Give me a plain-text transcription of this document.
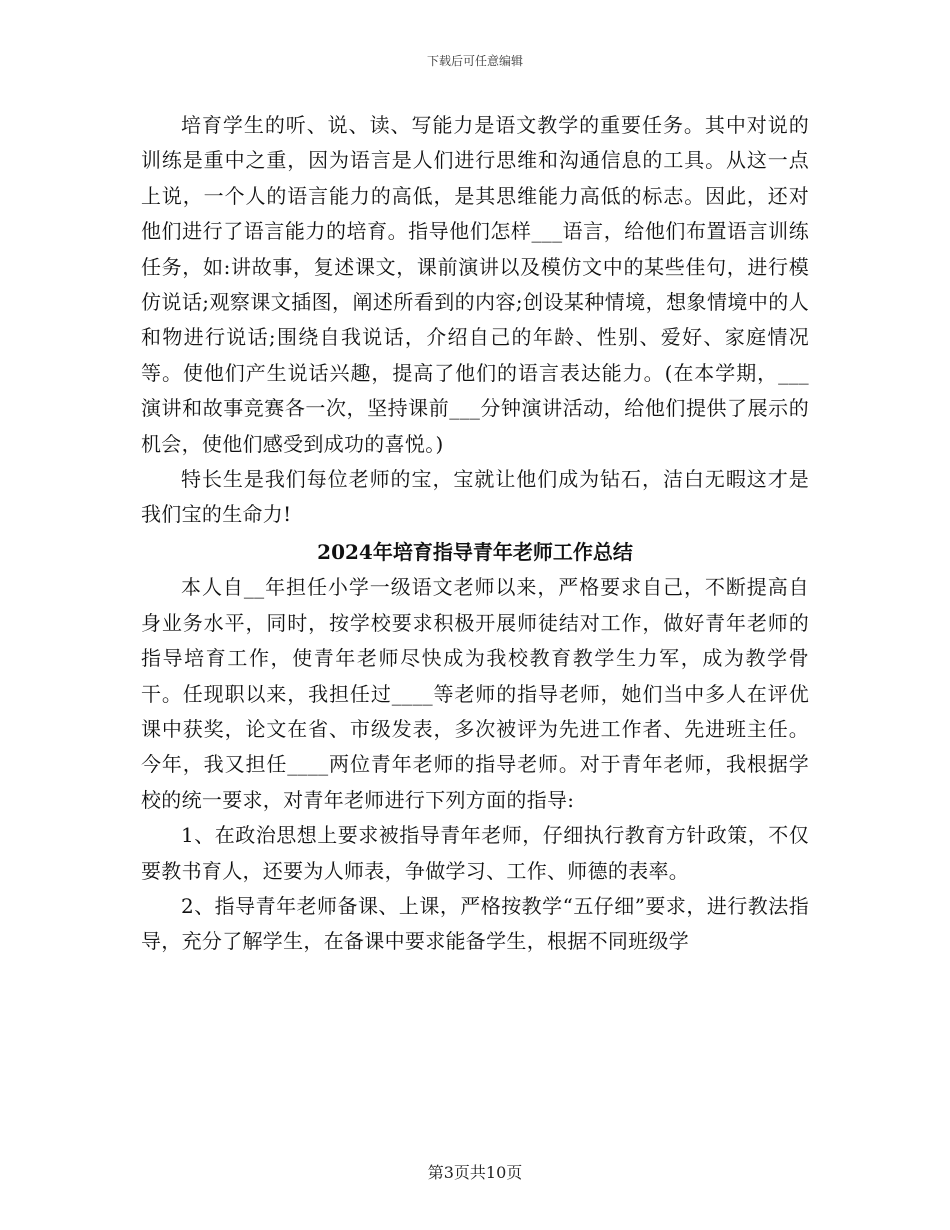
下载后可任意编辑

培育学生的听、说、读、写能力是语文教学的重要任务。其中对说的训练是重中之重，因为语言是人们进行思维和沟通信息的工具。从这一点上说，一个人的语言能力的高低，是其思维能力高低的标志。因此，还对他们进行了语言能力的培育。指导他们怎样___语言，给他们布置语言训练任务，如:讲故事，复述课文，课前演讲以及模仿文中的某些佳句，进行模仿说话;观察课文插图，阐述所看到的内容;创设某种情境，想象情境中的人和物进行说话;围绕自我说话，介绍自己的年龄、性别、爱好、家庭情况等。使他们产生说话兴趣，提高了他们的语言表达能力。(在本学期，___演讲和故事竞赛各一次，坚持课前___分钟演讲活动，给他们提供了展示的机会，使他们感受到成功的喜悦。)

特长生是我们每位老师的宝，宝就让他们成为钻石，洁白无暇这才是我们宝的生命力!

2024年培育指导青年老师工作总结

本人自__年担任小学一级语文老师以来，严格要求自己，不断提高自身业务水平，同时，按学校要求积极开展师徒结对工作，做好青年老师的指导培育工作，使青年老师尽快成为我校教育教学生力军，成为教学骨干。任现职以来，我担任过____等老师的指导老师，她们当中多人在评优课中获奖，论文在省、市级发表，多次被评为先进工作者、先进班主任。今年，我又担任____两位青年老师的指导老师。对于青年老师，我根据学校的统一要求，对青年老师进行下列方面的指导:

1、在政治思想上要求被指导青年老师，仔细执行教育方针政策，不仅要教书育人，还要为人师表，争做学习、工作、师德的表率。

2、指导青年老师备课、上课，严格按教学“五仔细”要求，进行教法指导，充分了解学生，在备课中要求能备学生，根据不同班级学

第3页共10页
